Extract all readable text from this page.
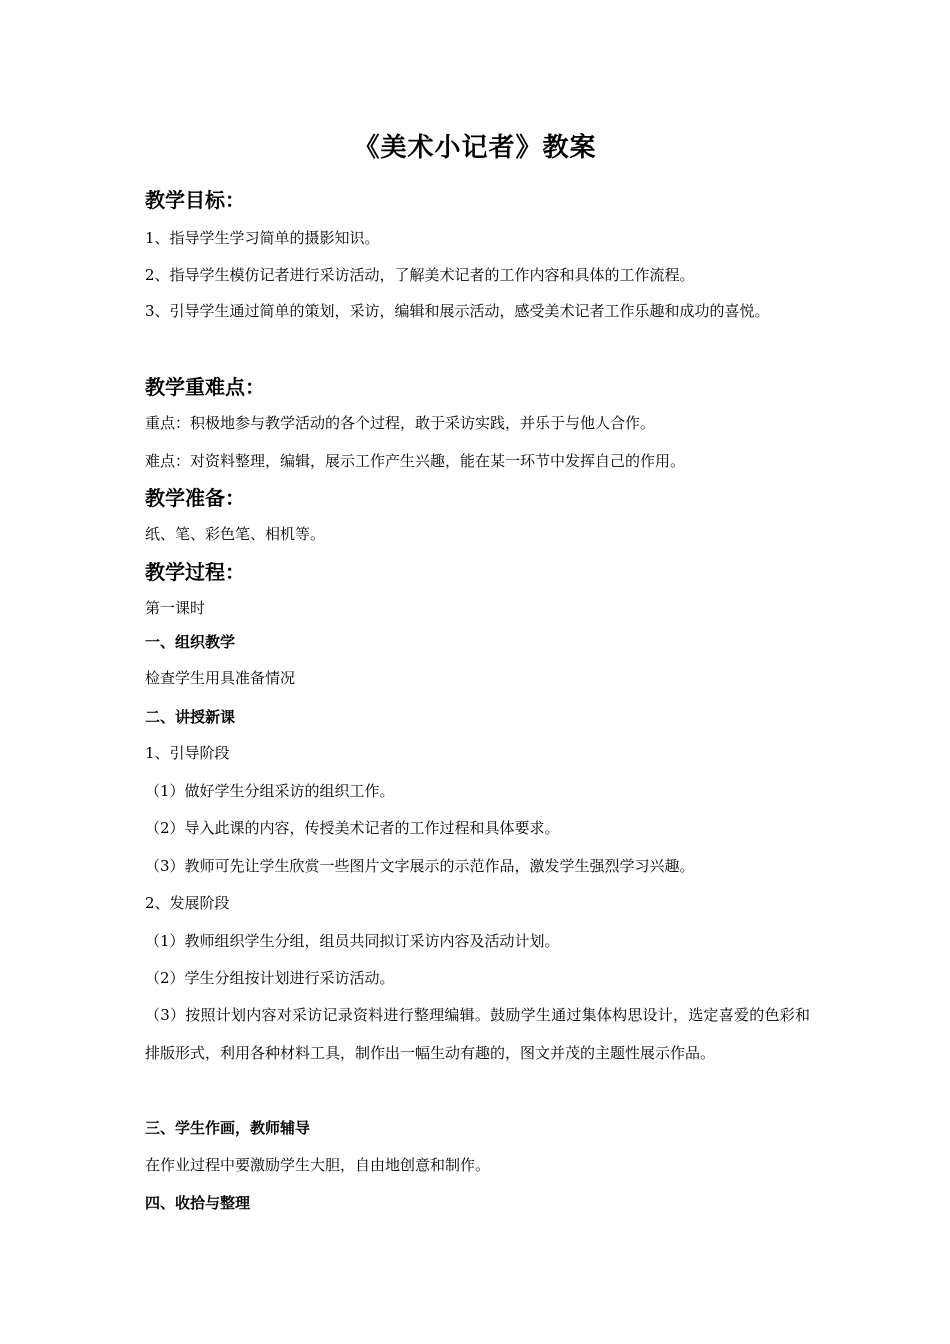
《美术小记者》教案
教学目标：
1、指导学生学习简单的摄影知识。
2、指导学生模仿记者进行采访活动，了解美术记者的工作内容和具体的工作流程。
3、引导学生通过简单的策划，采访，编辑和展示活动，感受美术记者工作乐趣和成功的喜悦。
教学重难点：
重点：积极地参与教学活动的各个过程，敢于采访实践，并乐于与他人合作。
难点：对资料整理，编辑，展示工作产生兴趣，能在某一环节中发挥自己的作用。
教学准备：
纸、笔、彩色笔、相机等。
教学过程：
第一课时
一、组织教学
检查学生用具准备情况
二、讲授新课
1、引导阶段
（1）做好学生分组采访的组织工作。
（2）导入此课的内容，传授美术记者的工作过程和具体要求。
（3）教师可先让学生欣赏一些图片文字展示的示范作品，激发学生强烈学习兴趣。
2、发展阶段
（1）教师组织学生分组，组员共同拟订采访内容及活动计划。
（2）学生分组按计划进行采访活动。
（3）按照计划内容对采访记录资料进行整理编辑。鼓励学生通过集体构思设计，选定喜爱的色彩和排版形式，利用各种材料工具，制作出一幅生动有趣的，图文并茂的主题性展示作品。
三、学生作画，教师辅导
在作业过程中要激励学生大胆，自由地创意和制作。
四、收拾与整理
